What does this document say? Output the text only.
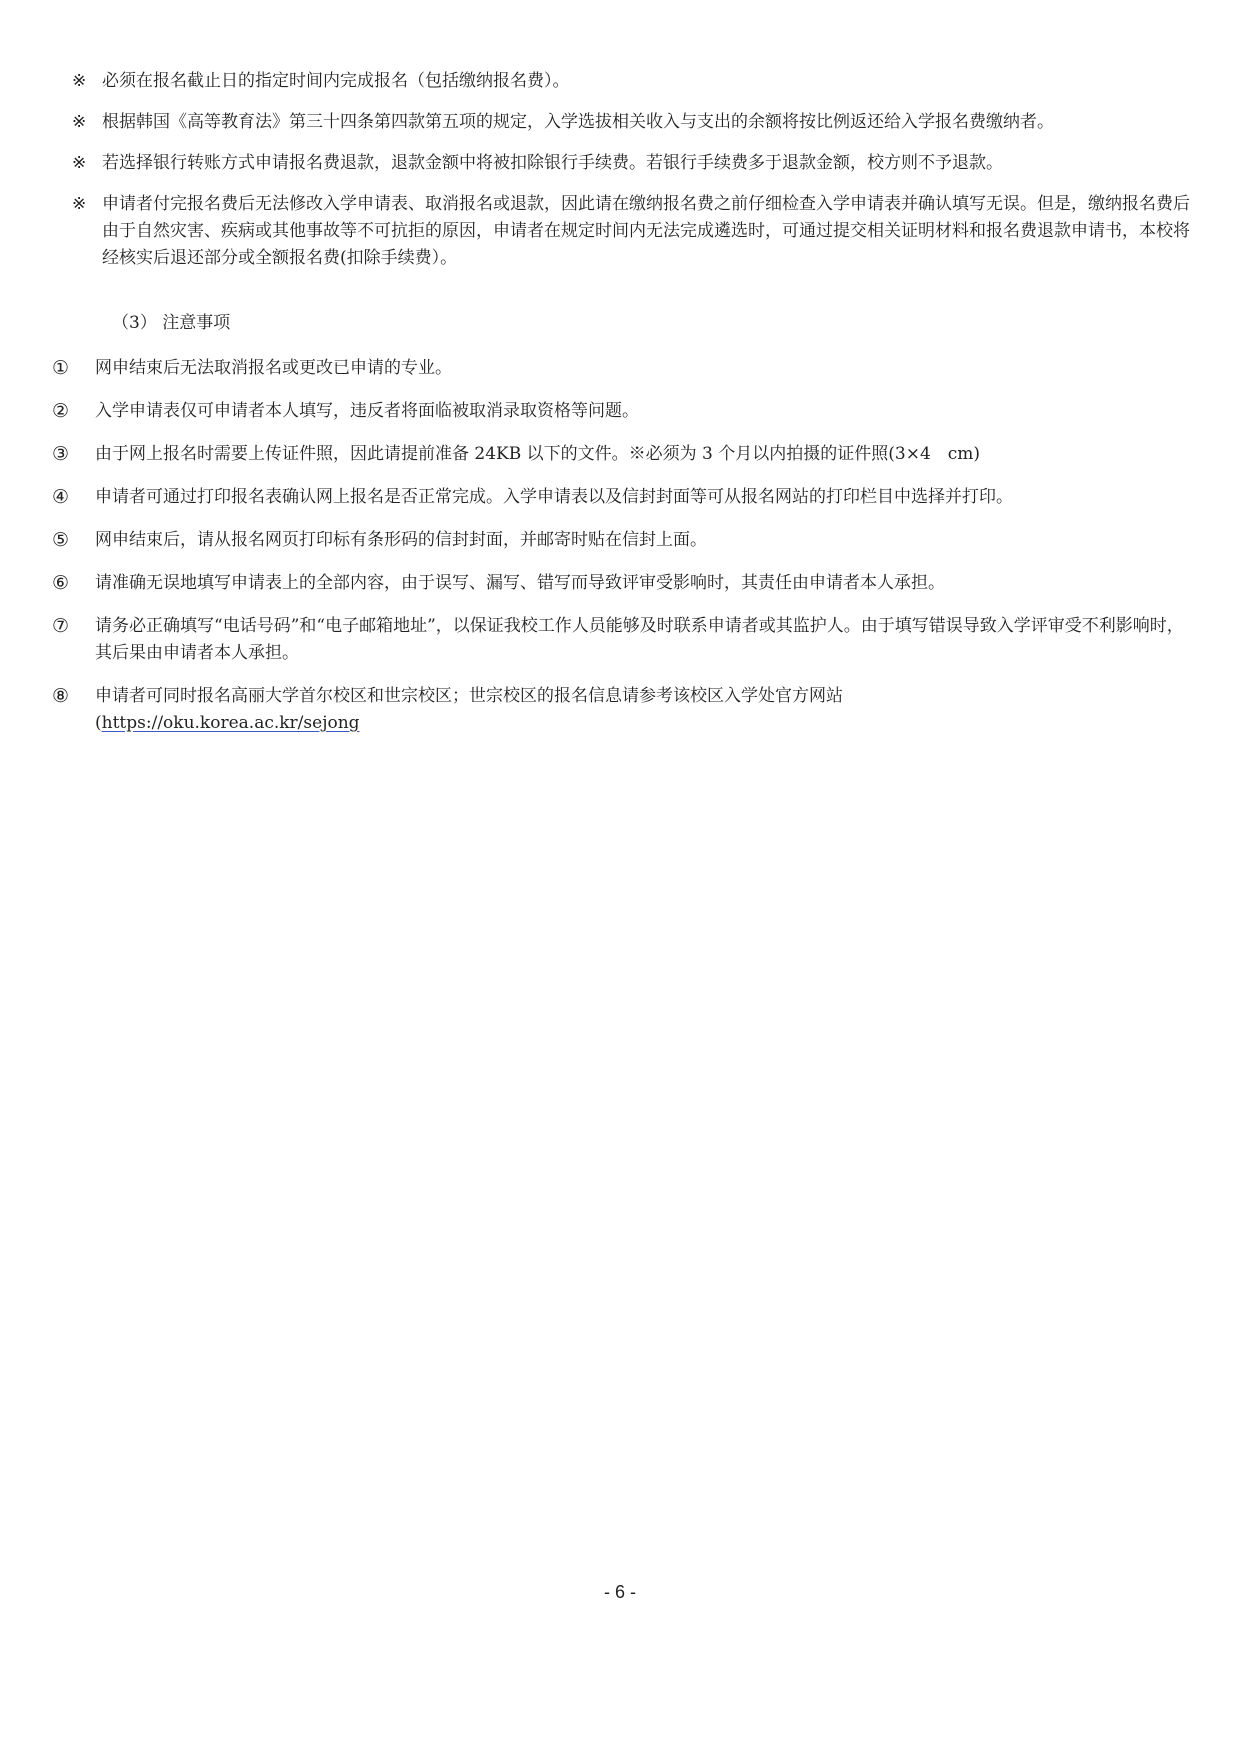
※ 必须在报名截止日的指定时间内完成报名（包括缴纳报名费）。
※ 根据韩国《高等教育法》第三十四条第四款第五项的规定，入学选拔相关收入与支出的余额将按比例返还给入学报名费缴纳者。
※ 若选择银行转账方式申请报名费退款，退款金额中将被扣除银行手续费。若银行手续费多于退款金额，校方则不予退款。
※ 申请者付完报名费后无法修改入学申请表、取消报名或退款，因此请在缴纳报名费之前仔细检查入学申请表并确认填写无误。但是，缴纳报名费后由于自然灾害、疾病或其他事故等不可抗拒的原因，申请者在规定时间内无法完成遴选时，可通过提交相关证明材料和报名费退款申请书，本校将经核实后退还部分或全额报名费(扣除手续费）。
（3） 注意事项
①	网申结束后无法取消报名或更改已申请的专业。
②	入学申请表仅可申请者本人填写，违反者将面临被取消录取资格等问题。
③	由于网上报名时需要上传证件照，因此请提前准备 24KB 以下的文件。※必须为 3 个月以内拍摄的证件照(3×4　cm)
④	申请者可通过打印报名表确认网上报名是否正常完成。入学申请表以及信封封面等可从报名网站的打印栏目中选择并打印。
⑤	网申结束后，请从报名网页打印标有条形码的信封封面，并邮寄时贴在信封上面。
⑥	请准确无误地填写申请表上的全部内容，由于误写、漏写、错写而导致评审受影响时，其责任由申请者本人承担。
⑦	请务必正确填写“电话号码”和“电子邮箱地址”，以保证我校工作人员能够及时联系申请者或其监护人。由于填写错误导致入学评审受不利影响时，其后果由申请者本人承担。
⑧	申请者可同时报名高丽大学首尔校区和世宗校区；世宗校区的报名信息请参考该校区入学处官方网站
(https://oku.korea.ac.kr/sejong
- 6 -
